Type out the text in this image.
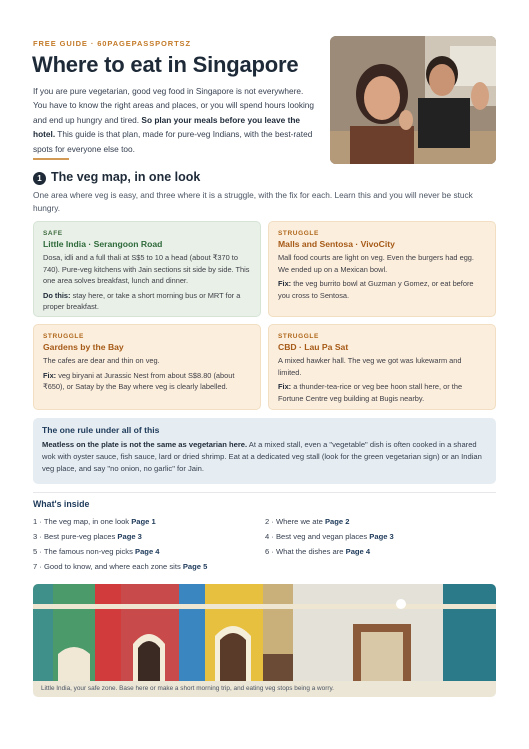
FREE GUIDE · 60PAGEPASSPORTSZ
Where to eat in Singapore

If you are pure vegetarian, good veg food in Singapore is not everywhere. You have to know the right areas and places, or you will spend hours looking and end up hungry and tired. So plan your meals before you leave the hotel. This guide is that plan, made for pure-veg Indians, with the best-rated spots for everyone else too.

1 The veg map, in one look

One area where veg is easy, and three where it is a struggle, with the fix for each. Learn this and you will never be stuck hungry.

SAFE
Little India · Serangoon Road
Dosa, idli and a full thali at S$5 to 10 a head (about ₹370 to 740). Pure-veg kitchens with Jain sections sit side by side. This one area solves breakfast, lunch and dinner.
Do this: stay here, or take a short morning bus or MRT for a proper breakfast.
STRUGGLE
Malls and Sentosa · VivoCity
Mall food courts are light on veg. Even the burgers had egg. We ended up on a Mexican bowl.
Fix: the veg burrito bowl at Guzman y Gomez, or eat before you cross to Sentosa.
STRUGGLE
Gardens by the Bay
The cafes are dear and thin on veg.
Fix: veg biryani at Jurassic Nest from about S$8.80 (about ₹650), or Satay by the Bay where veg is clearly labelled.
STRUGGLE
CBD · Lau Pa Sat
A mixed hawker hall. The veg we got was lukewarm and limited.
Fix: a thunder-tea-rice or veg bee hoon stall here, or the Fortune Centre veg building at Bugis nearby.
The one rule under all of this
Meatless on the plate is not the same as vegetarian here. At a mixed stall, even a "vegetable" dish is often cooked in a shared wok with oyster sauce, fish sauce, lard or dried shrimp. Eat at a dedicated veg stall (look for the green vegetarian sign) or an Indian veg place, and say "no onion, no garlic" for Jain.
What's inside
1 · The veg map, in one look Page 1	2 · Where we ate Page 2
3 · Best pure-veg places Page 3	4 · Best veg and vegan places Page 3
5 · The famous non-veg picks Page 4	6 · What the dishes are Page 4
7 · Good to know, and where each zone sits Page 5
Little India, your safe zone. Base here or make a short morning trip, and eating veg stops being a worry.
